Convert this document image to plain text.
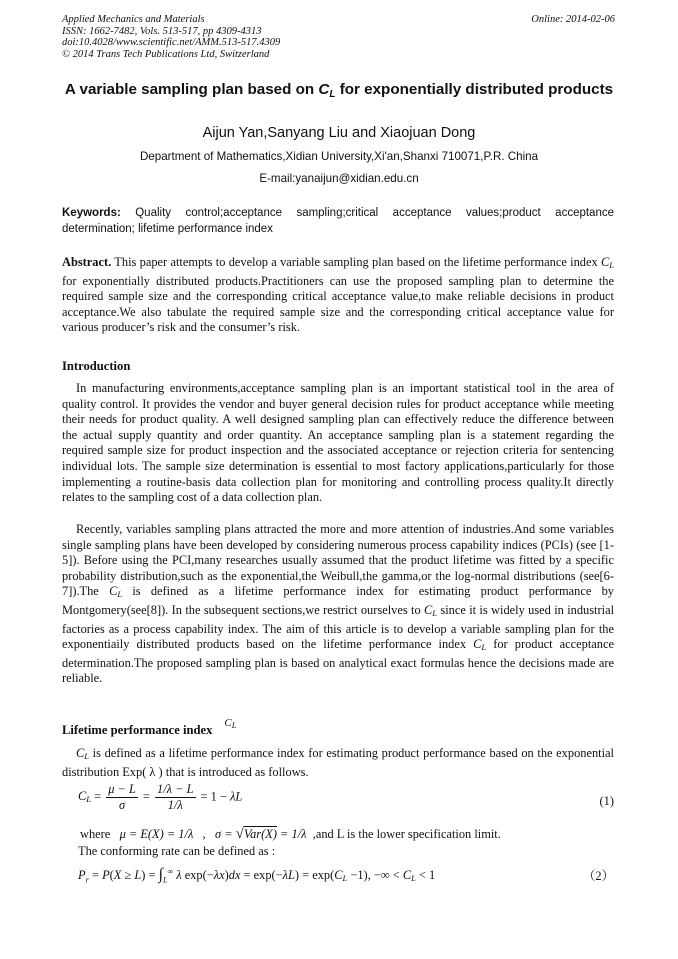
Applied Mechanics and Materials
ISSN: 1662-7482, Vols. 513-517, pp 4309-4313
doi:10.4028/www.scientific.net/AMM.513-517.4309
© 2014 Trans Tech Publications Ltd, Switzerland
Online: 2014-02-06
A variable sampling plan based on $C_L$ for exponentially distributed products
Aijun Yan,Sanyang Liu and Xiaojuan Dong
Department of Mathematics,Xidian University,Xi'an,Shanxi 710071,P.R. China
E-mail:yanaijun@xidian.edu.cn
Keywords: Quality control;acceptance sampling;critical acceptance values;product acceptance determination; lifetime performance index
Abstract. This paper attempts to develop a variable sampling plan based on the lifetime performance index $C_L$ for exponentially distributed products.Practitioners can use the proposed sampling plan to determine the required sample size and the corresponding critical acceptance value,to make reliable decisions in product acceptance.We also tabulate the required sample size and the corresponding critical acceptance value for various producer’s risk and the consumer’s risk.
Introduction
In manufacturing environments,acceptance sampling plan is an important statistical tool in the area of quality control. It provides the vendor and buyer general decision rules for product acceptance while meeting their needs for product quality. A well designed sampling plan can effectively reduce the difference between the actual supply quantity and order quantity. An acceptance sampling plan is a statement regarding the required sample size for product inspection and the associated acceptance or rejection criteria for sentencing individual lots. The sample size determination is essential to most factory applications,particularly for those implementing a routine-basis data collection plan for monitoring and controlling process quality.It directly relates to the sampling cost of a data collection plan.
Recently, variables sampling plans attracted the more and more attention of industries.And some variables single sampling plans have been developed by considering numerous process capability indices (PCIs) (see [1-5]). Before using the PCI,many researches usually assumed that the product lifetime was fitted by a specific probability distribution,such as the exponential,the Weibull,the gamma,or the log-normal distributions (see[6-7]).The $C_L$ is defined as a lifetime performance index for estimating product performance by Montgomery(see[8]). In the subsequent sections,we restrict ourselves to $C_L$ since it is widely used in industrial factories as a process capability index. The aim of this article is to develop a variable sampling plan for the exponentiaily distributed products based on the lifetime performance index $C_L$ for product acceptance determination.The proposed sampling plan is based on analytical exact formulas hence the decisions made are reliable.
Lifetime performance index $C_L$
$C_L$ is defined as a lifetime performance index for estimating product performance based on the exponential distribution Exp( λ ) that is introduced as follows.
$C_L = \frac{\mu - L}{\sigma} = \frac{1/\lambda - L}{1/\lambda} = 1 - \lambda L$	(1)
where μ = E(X) = 1/λ   ,   σ = √Var(X) = 1/λ ,and L is the lower specification limit.
The conforming rate can be defined as :
$P_r = P(X \ge L) = \int_L^\infty$ λ $\exp(-\lambda x)dx = \exp(-\lambda L) = \exp(C_L -1)$, −∞ < $C_L < 1$	（2）
